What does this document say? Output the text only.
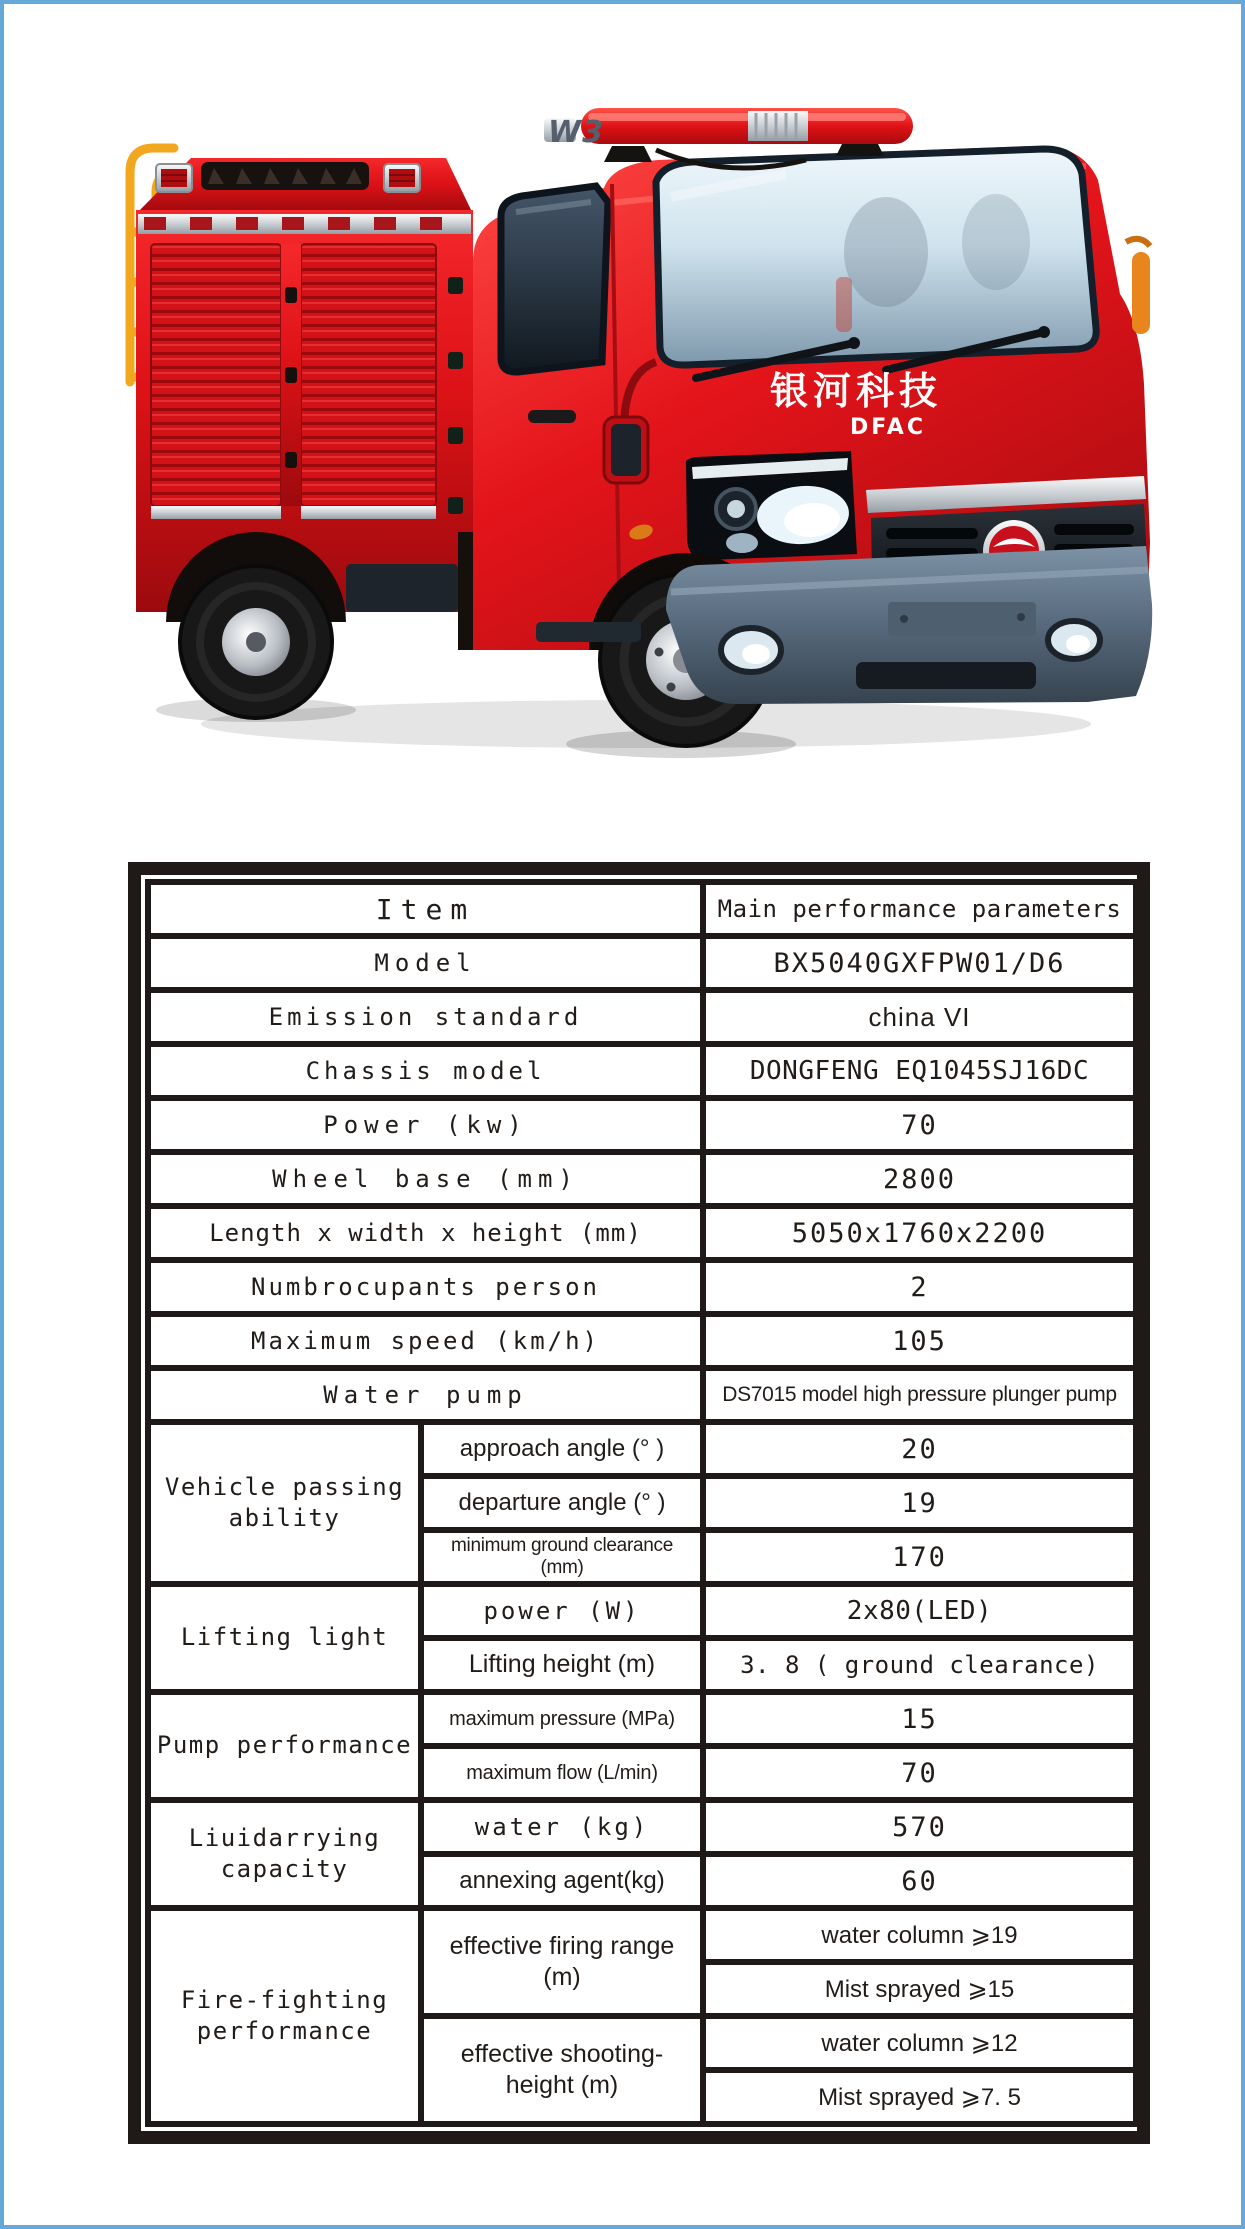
银河科技
DFAC
W3
Item		Main performance parameters
Model		BX5040GXFPW01/D6
Emission standard		china VI
Chassis model		DONGFENG EQ1045SJ16DC
Power (kw)		70
Wheel base (mm)		2800
Length x width x height (mm)		5050x1760x2200
Numbrocupants person		2
Maximum speed (km/h)		105
Water pump		DS7015 model high pressure plunger pump
Vehicle passing ability	approach angle (° )	20
	departure angle (° )	19
	minimum ground clearance (mm)	170
Lifting light	power (W)	2x80(LED)
	Lifting height (m)	3. 8 ( ground clearance)
Pump performance	maximum pressure (MPa)	15
	maximum flow (L/min)	70
Liuidarrying capacity	water (kg)	570
	annexing agent(kg)	60
Fire-fighting performance	effective firing range (m)	water column ⩾19
		Mist sprayed ⩾15
	effective shooting- height (m)	water column ⩾12
		Mist sprayed ⩾7. 5
